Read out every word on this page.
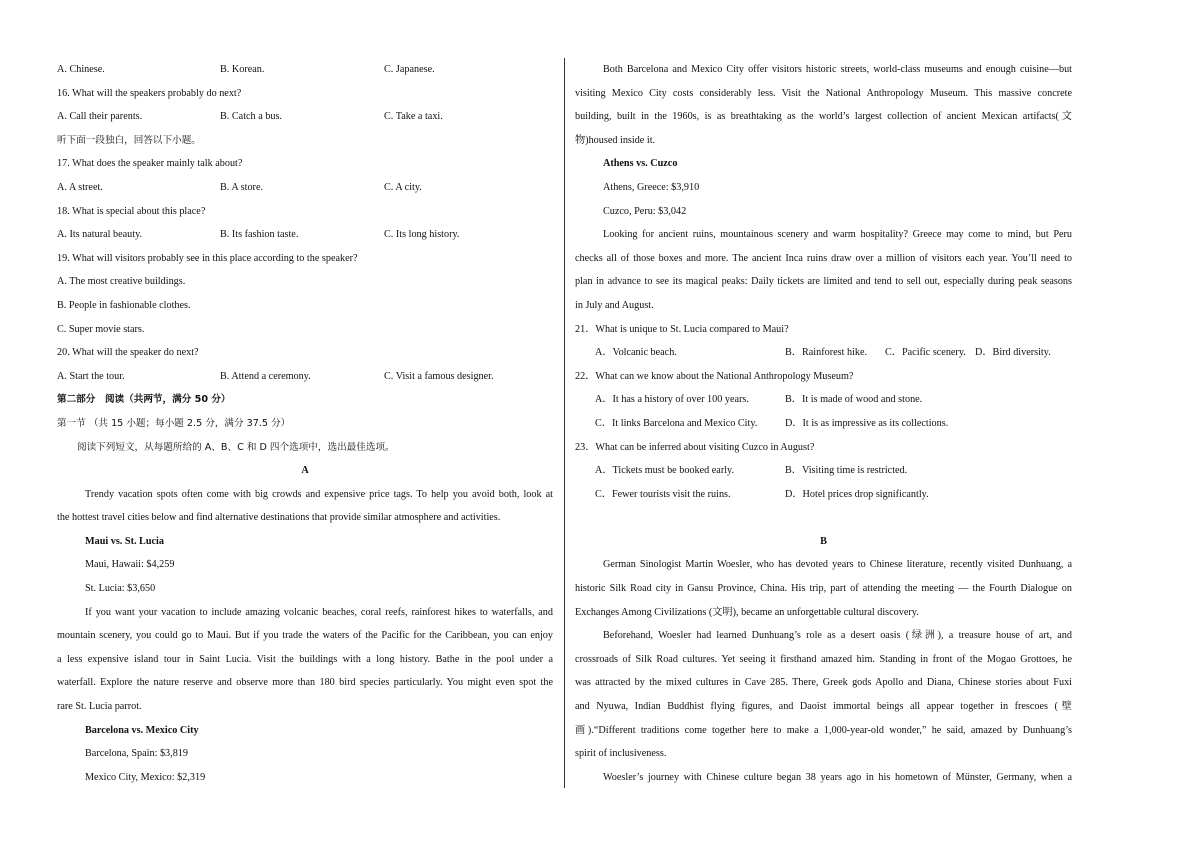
A. Chinese.	B. Korean.	C. Japanese.
16. What will the speakers probably do next?
A. Call their parents.	B. Catch a bus.	C. Take a taxi.
听下面一段独白，回答以下小题。
17. What does the speaker mainly talk about?
A. A street.	B. A store.	C. A city.
18. What is special about this place?
A. Its natural beauty.	B. Its fashion taste.	C. Its long history.
19. What will visitors probably see in this place according to the speaker?
A. The most creative buildings.
B. People in fashionable clothes.
C. Super movie stars.
20. What will the speaker do next?
A. Start the tour.	B. Attend a ceremony.	C. Visit a famous designer.
第二部分　阅读（共两节，满分 50 分）
第一节 （共 15 小题；每小题 2.5 分，满分 37.5 分）
阅读下列短文，从每题所给的 A、B、C 和 D 四个选项中，选出最佳选项。
A
Trendy vacation spots often come with big crowds and expensive price tags. To help you avoid both, look at
the hottest travel cities below and find alternative destinations that provide similar atmosphere and activities.
Maui vs. St. Lucia
Maui, Hawaii: $4,259
St. Lucia: $3,650
If you want your vacation to include amazing volcanic beaches, coral reefs, rainforest hikes to waterfalls, and
mountain scenery, you could go to Maui. But if you trade the waters of the Pacific for the Caribbean, you can enjoy
a less expensive island tour in Saint Lucia. Visit the buildings with a long history. Bathe in the pool under a
waterfall. Explore the nature reserve and observe more than 180 bird species particularly. You might even spot the
rare St. Lucia parrot.
Barcelona vs. Mexico City
Barcelona, Spain: $3,819
Mexico City, Mexico: $2,319
Both Barcelona and Mexico City offer visitors historic streets, world-class museums and enough cuisine—but
visiting Mexico City costs considerably less. Visit the National Anthropology Museum. This massive concrete
building, built in the 1960s, is as breathtaking as the world’s largest collection of ancient Mexican artifacts(文
物)housed inside it.
Athens vs. Cuzco
Athens, Greece: $3,910
Cuzco, Peru: $3,042
Looking for ancient ruins, mountainous scenery and warm hospitality? Greece may come to mind, but Peru
checks all of those boxes and more. The ancient Inca ruins draw over a million of visitors each year. You’ll need to
plan in advance to see its magical peaks: Daily tickets are limited and tend to sell out, especially during peak seasons
in July and August.
21．What is unique to St. Lucia compared to Maui?
A．Volcanic beach.	B．Rainforest hike.	C．Pacific scenery. D．Bird diversity.
22．What can we know about the National Anthropology Museum?
A．It has a history of over 100 years.	B．It is made of wood and stone.
C．It links Barcelona and Mexico City.	D．It is as impressive as its collections.
23．What can be inferred about visiting Cuzco in August?
A．Tickets must be booked early.	B．Visiting time is restricted.
C．Fewer tourists visit the ruins.	D．Hotel prices drop significantly.
B
German Sinologist Martin Woesler, who has devoted years to Chinese literature, recently visited Dunhuang, a
historic Silk Road city in Gansu Province, China. His trip, part of attending the meeting — the Fourth Dialogue on
Exchanges Among Civilizations (文明), became an unforgettable cultural discovery.
Beforehand, Woesler had learned Dunhuang’s role as a desert oasis (绿洲), a treasure house of art, and
crossroads of Silk Road cultures. Yet seeing it firsthand amazed him. Standing in front of the Mogao Grottoes, he
was attracted by the mixed cultures in Cave 285. There, Greek gods Apollo and Diana, Chinese stories about Fuxi
and Nyuwa, Indian Buddhist flying figures, and Daoist immortal beings all appear together in frescoes (壁
画).“Different traditions come together here to make a 1,000-year-old wonder,” he said, amazed by Dunhuang’s
spirit of inclusiveness.
Woesler’s journey with Chinese culture began 38 years ago in his hometown of Münster, Germany, when a
